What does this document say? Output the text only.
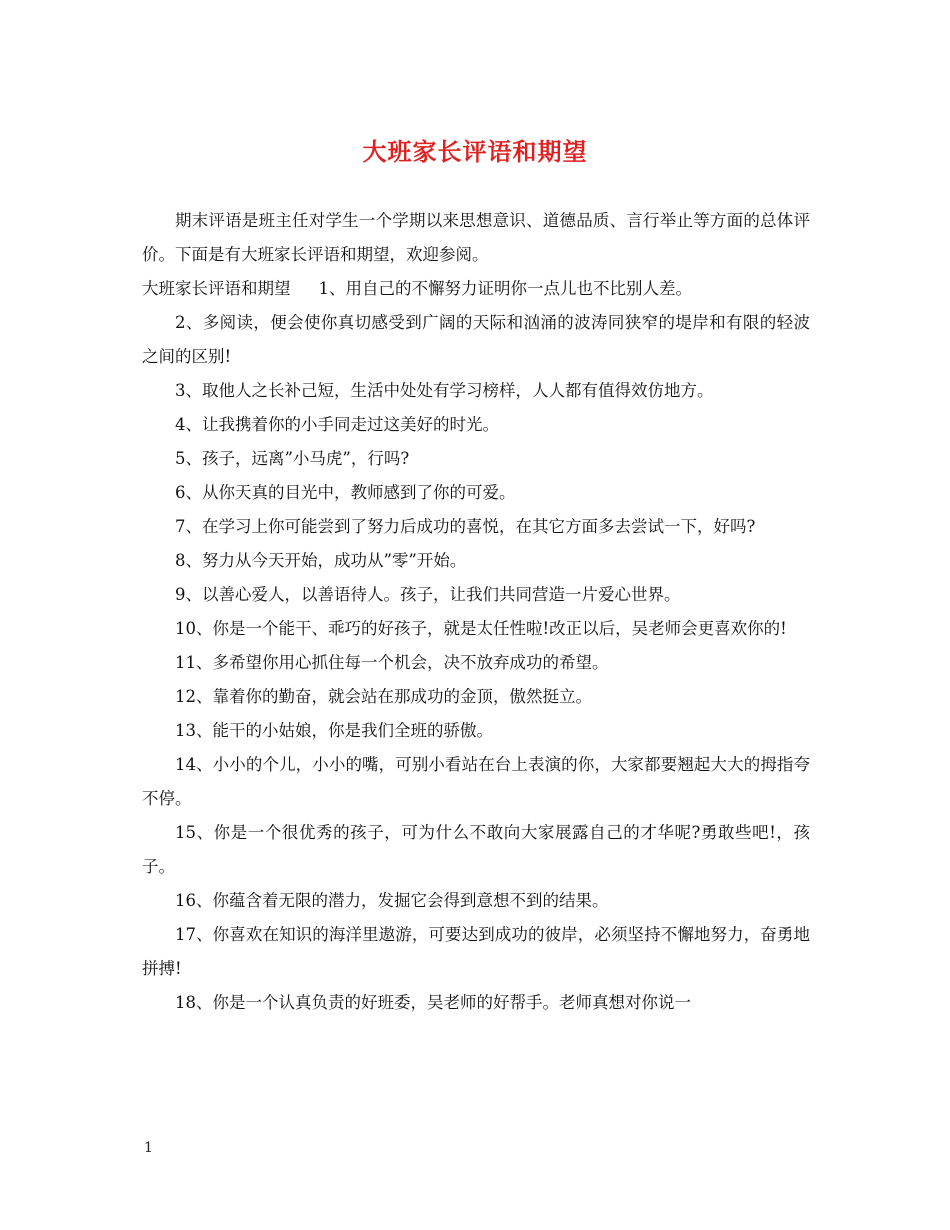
大班家长评语和期望

期末评语是班主任对学生一个学期以来思想意识、道德品质、言行举止等方面的总体评价。下面是有大班家长评语和期望，欢迎参阅。

大班家长评语和期望 1、用自己的不懈努力证明你一点儿也不比别人差。

2、多阅读，便会使你真切感受到广阔的天际和汹涌的波涛同狭窄的堤岸和有限的轻波之间的区别!

3、取他人之长补己短，生活中处处有学习榜样，人人都有值得效仿地方。

4、让我携着你的小手同走过这美好的时光。

5、孩子，远离”小马虎”，行吗?

6、从你天真的目光中，教师感到了你的可爱。

7、在学习上你可能尝到了努力后成功的喜悦，在其它方面多去尝试一下，好吗?

8、努力从今天开始，成功从”零”开始。

9、以善心爱人，以善语待人。孩子，让我们共同营造一片爱心世界。

10、你是一个能干、乖巧的好孩子，就是太任性啦!改正以后，吴老师会更喜欢你的!

11、多希望你用心抓住每一个机会，决不放弃成功的希望。

12、靠着你的勤奋，就会站在那成功的金顶，傲然挺立。

13、能干的小姑娘，你是我们全班的骄傲。

14、小小的个儿，小小的嘴，可别小看站在台上表演的你，大家都要翘起大大的拇指夸不停。

15、你是一个很优秀的孩子，可为什么不敢向大家展露自己的才华呢?勇敢些吧!，孩子。

16、你蕴含着无限的潜力，发掘它会得到意想不到的结果。

17、你喜欢在知识的海洋里遨游，可要达到成功的彼岸，必须坚持不懈地努力，奋勇地拼搏!

18、你是一个认真负责的好班委，吴老师的好帮手。老师真想对你说一

1
